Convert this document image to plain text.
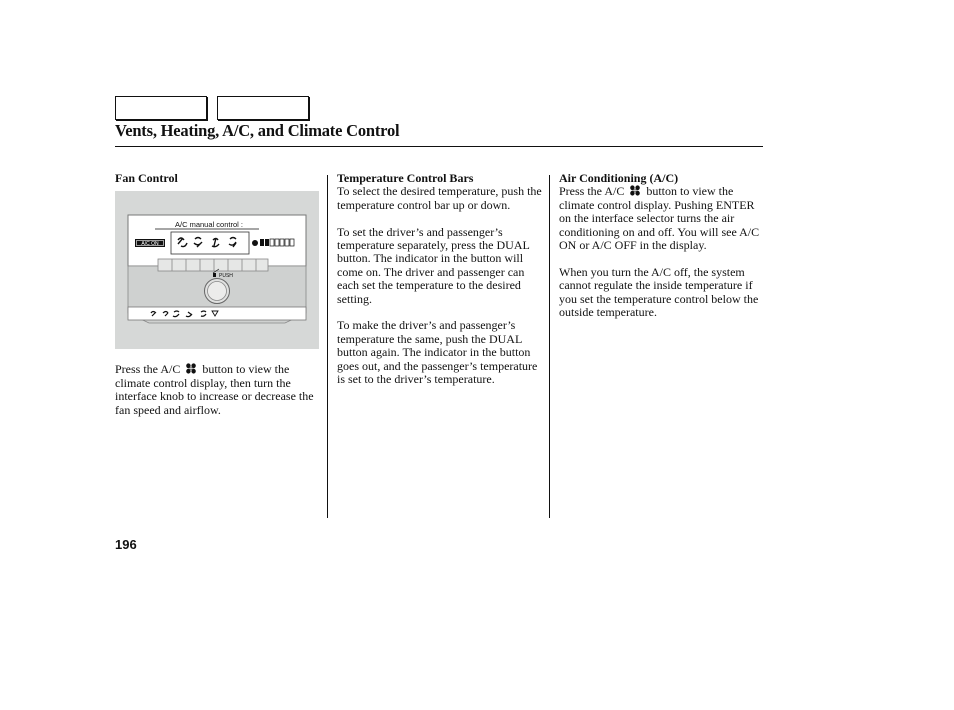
Vents, Heating, A/C, and Climate Control
Fan Control
A/C manual control :
A/C ON
PUSH

Press the A/C button to view the climate control display, then turn the interface knob to increase or decrease the fan speed and airflow.

Temperature Control Bars

To select the desired temperature, push the temperature control bar up or down.

To set the driver’s and passenger’s temperature separately, press the DUAL button. The indicator in the button will come on. The driver and passenger can each set the temperature to the desired setting.

To make the driver’s and passenger’s temperature the same, push the DUAL button again. The indicator in the button goes out, and the passenger’s temperature is set to the driver’s temperature.

Air Conditioning (A/C)

Press the A/C button to view the climate control display. Pushing ENTER on the interface selector turns the air conditioning on and off. You will see A/C ON or A/C OFF in the display.

When you turn the A/C off, the system cannot regulate the inside temperature if you set the temperature control below the outside temperature.

196
